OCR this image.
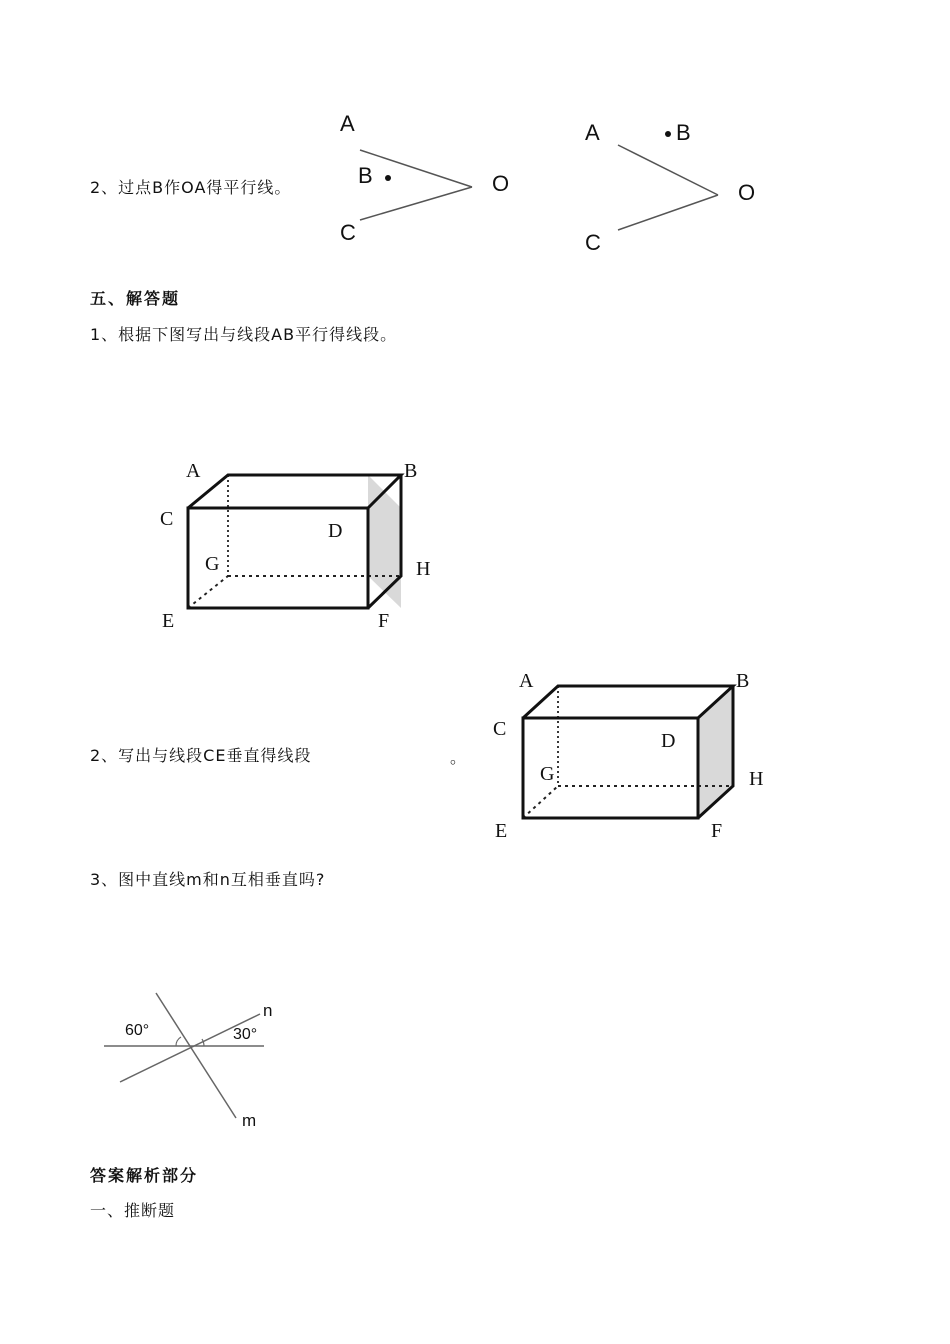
2、过点B作OA得平行线。
A
B
C
O
A	B
C
O
五、解答题
1、根据下图写出与线段AB平行得线段。
A	B
C
D
E	F
G	H
2、写出与线段CE垂直得线段	。
A	B
C
D
E	F
G	H
3、图中直线m和n互相垂直吗?
n
m
60°	30°
答案解析部分
一、推断题
